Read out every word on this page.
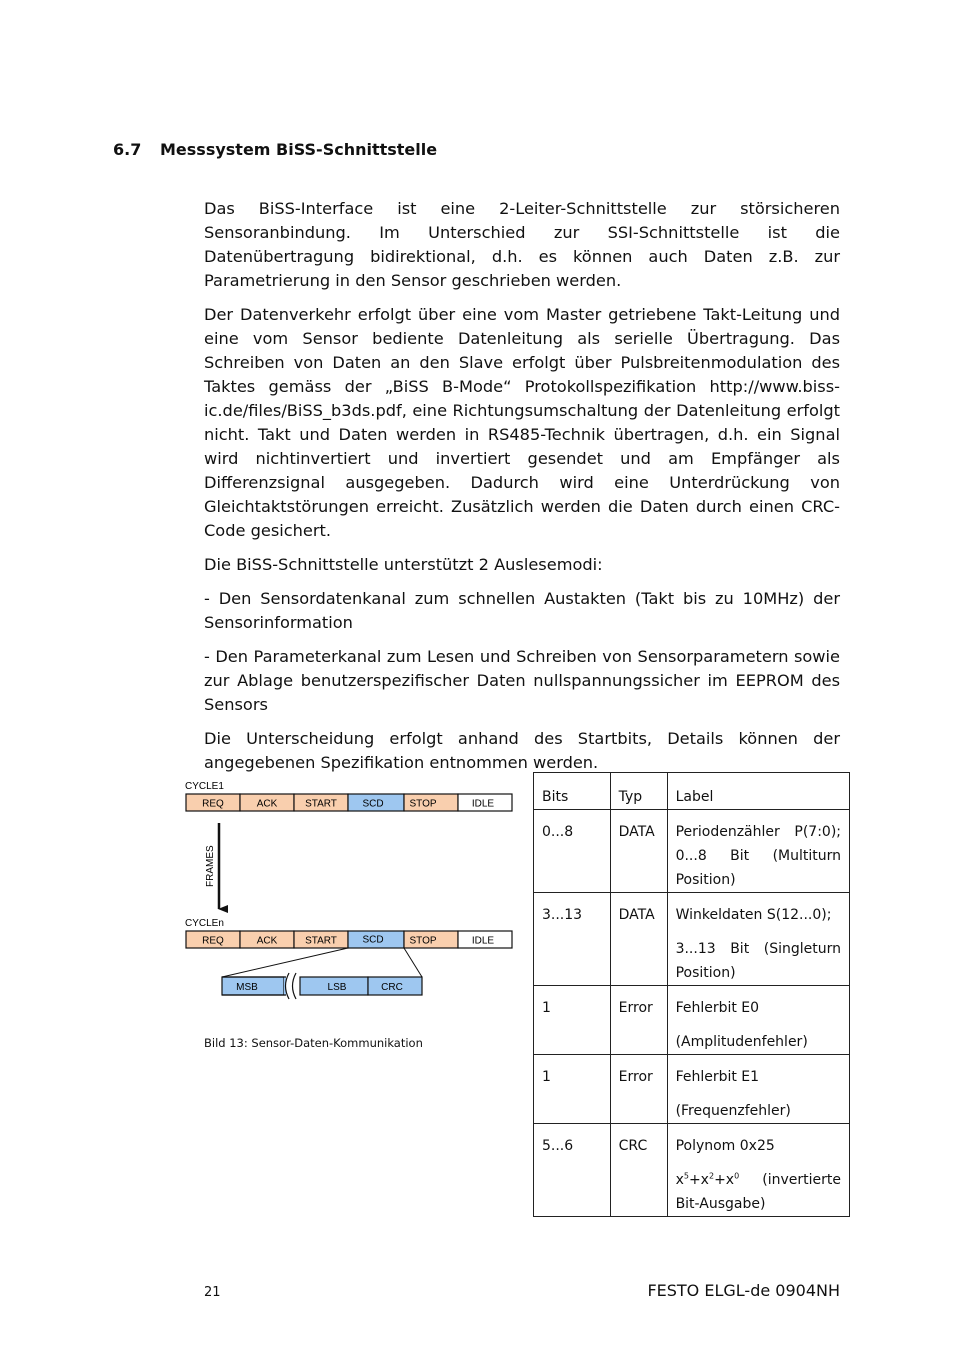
6.7 Messsystem BiSS-Schnittstelle

Das BiSS-Interface ist eine 2-Leiter-Schnittstelle zur störsicheren Sensoranbindung. Im Unterschied zur SSI-Schnittstelle ist die Datenübertragung bidirektional, d.h. es können auch Daten z.B. zur Parametrierung in den Sensor geschrieben werden.

Der Datenverkehr erfolgt über eine vom Master getriebene Takt-Leitung und eine vom Sensor bediente Datenleitung als serielle Übertragung. Das Schreiben von Daten an den Slave erfolgt über Pulsbreitenmodulation des Taktes gemäss der „BiSS B-Mode“ Protokollspezifikation http://www.biss-ic.de/files/BiSS_b3ds.pdf, eine Richtungsumschaltung der Datenleitung erfolgt nicht. Takt und Daten werden in RS485-Technik übertragen, d.h. ein Signal wird nichtinvertiert und invertiert gesendet und am Empfänger als Differenzsignal ausgegeben. Dadurch wird eine Unterdrückung von Gleichtaktstörungen erreicht. Zusätzlich werden die Daten durch einen CRC-Code gesichert.

Die BiSS-Schnittstelle unterstützt 2 Auslesemodi:

- Den Sensordatenkanal zum schnellen Austakten (Takt bis zu 10MHz) der Sensorinformation

- Den Parameterkanal zum Lesen und Schreiben von Sensorparametern sowie zur Ablage benutzerspezifischer Daten nullspannungssicher im EEPROM des Sensors

Die Unterscheidung erfolgt anhand des Startbits, Details können der angegebenen Spezifikation entnommen werden.

CYCLE1
REQ	ACK	START	SCD	STOP	IDLE
FRAMES
CYCLEn
REQ	ACK	START	SCD	STOP	IDLE
MSB	LSB	CRC
Bild 13: Sensor-Daten-Kommunikation
Bits	Typ	Label
0...8	DATA	Periodenzähler P(7:0); 0...8 Bit (Multiturn Position)

3...13	DATA	Winkeldaten S(12...0);
3...13 Bit (Singleturn Position)

1	Error	Fehlerbit E0
(Amplitudenfehler)

1	Error	Fehlerbit E1
(Frequenzfehler)

5...6	CRC	Polynom 0x25
$x^5+x^2+x^0$ (invertierte Bit-Ausgabe)
21	FESTO ELGL-de 0904NH
